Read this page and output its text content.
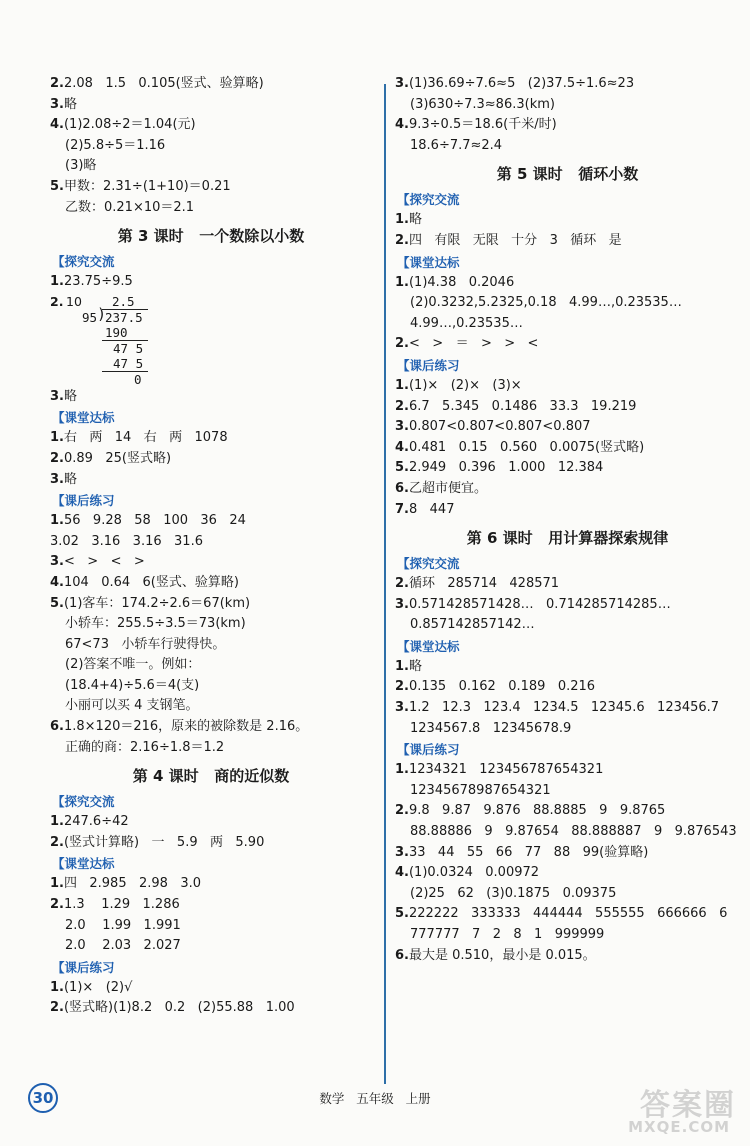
2.2.08   1.5   0.105(竖式、验算略)
3.略
4.(1)2.08÷2＝1.04(元)
(2)5.8÷5＝1.16
(3)略
5.甲数：2.31÷(1+10)＝0.21
乙数：0.21×10＝2.1
第 3 课时   一个数除以小数
【 探究交流
1.23.75÷9.5
2. 10 2.5
95 )
237.5
190
47 5
47 5
0
3.略
【 课堂达标
1.右   两   14   右   两   1078
2.0.89   25(竖式略)
3.略
【 课后练习
1.56   9.28   58   100   36   24
3.02   3.16   3.16   31.6
3.<   >   <   >
4.104   0.64   6(竖式、验算略)
5.(1)客车：174.2÷2.6＝67(km)
小轿车：255.5÷3.5＝73(km)
67<73   小轿车行驶得快。
(2)答案不唯一。例如：
(18.4+4)÷5.6＝4(支)
小丽可以买 4 支钢笔。
6.1.8×120＝216，原来的被除数是 2.16。
正确的商：2.16÷1.8＝1.2
第 4 课时   商的近似数
【 探究交流
1.247.6÷42
2.(竖式计算略)   一   5.9   两   5.90
【 课堂达标
1.四   2.985   2.98   3.0
2.1.3    1.29   1.286
2.0    1.99   1.991
2.0    2.03   2.027
【 课后练习
1.(1)×   (2)√
2.(竖式略)(1)8.2   0.2   (2)55.88   1.00
3.(1)36.69÷7.6≈5   (2)37.5÷1.6≈23
(3)630÷7.3≈86.3(km)
4.9.3÷0.5＝18.6(千米/时)
18.6÷7.7≈2.4
第 5 课时   循环小数
【 探究交流
1.略
2.四   有限   无限   十分   3   循环   是
【 课堂达标
1.(1)4.38   0.2046
(2)0.3232,5.2325,0.18   4.99…,0.23535…
4.99…,0.23535…
2.<   >   ＝   >   >   <
【 课后练习
1.(1)×   (2)×   (3)×
2.6.7   5.345   0.1486   33.3   19.219
3.0.807<0.807<0.807<0.807
4.0.481   0.15   0.560   0.0075(竖式略)
5.2.949   0.396   1.000   12.384
6.乙超市便宜。
7.8   447
第 6 课时   用计算器探索规律
【 探究交流
2.循环   285714   428571
3.0.571428571428…   0.714285714285…
0.857142857142…
【 课堂达标
1.略
2.0.135   0.162   0.189   0.216
3.1.2   12.3   123.4   1234.5   12345.6   123456.7
1234567.8   12345678.9
【 课后练习
1.1234321   123456787654321
12345678987654321
2.9.8   9.87   9.876   88.8885   9   9.8765
88.88886   9   9.87654   88.888887   9   9.876543
3.33   44   55   66   77   88   99(验算略)
4.(1)0.0324   0.00972
(2)25   62   (3)0.1875   0.09375
5.222222   333333   444444   555555   666666   6
777777   7   2   8   1   999999
6.最大是 0.510，最小是 0.015。
30	数学   五年级   上册	答案圈
MXQE.COM
